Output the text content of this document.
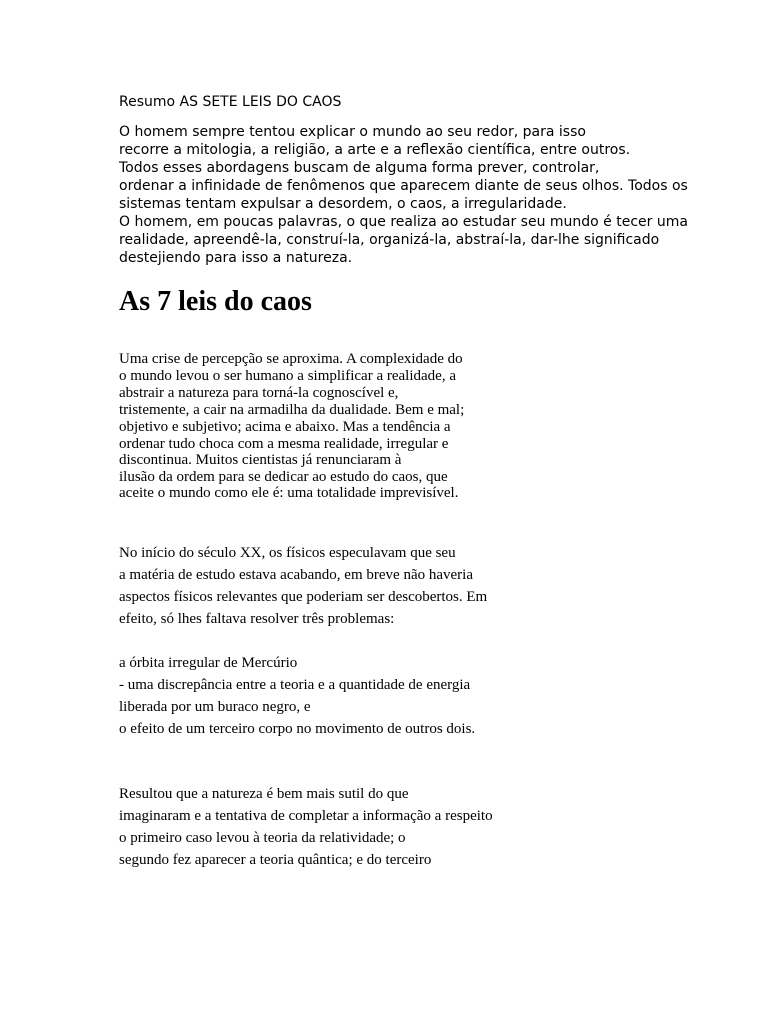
Resumo AS SETE LEIS DO CAOS
O homem sempre tentou explicar o mundo ao seu redor, para isso
recorre a mitologia, a religião, a arte e a reflexão científica, entre outros.
Todos esses abordagens buscam de alguma forma prever, controlar,
ordenar a infinidade de fenômenos que aparecem diante de seus olhos. Todos os
sistemas tentam expulsar a desordem, o caos, a irregularidade.
O homem, em poucas palavras, o que realiza ao estudar seu mundo é tecer uma
realidade, apreendê-la, construí-la, organizá-la, abstraí-la, dar-lhe significado
destejiendo para isso a natureza.
As 7 leis do caos
Uma crise de percepção se aproxima. A complexidade do
o mundo levou o ser humano a simplificar a realidade, a
abstrair a natureza para torná-la cognoscível e,
tristemente, a cair na armadilha da dualidade. Bem e mal;
objetivo e subjetivo; acima e abaixo. Mas a tendência a
ordenar tudo choca com a mesma realidade, irregular e
discontinua. Muitos cientistas já renunciaram à
ilusão da ordem para se dedicar ao estudo do caos, que
aceite o mundo como ele é: uma totalidade imprevisível.
No início do século XX, os físicos especulavam que seu
a matéria de estudo estava acabando, em breve não haveria
aspectos físicos relevantes que poderiam ser descobertos. Em
efeito, só lhes faltava resolver três problemas:
a órbita irregular de Mercúrio
- uma discrepância entre a teoria e a quantidade de energia
liberada por um buraco negro, e
o efeito de um terceiro corpo no movimento de outros dois.
Resultou que a natureza é bem mais sutil do que
imaginaram e a tentativa de completar a informação a respeito
o primeiro caso levou à teoria da relatividade; o
segundo fez aparecer a teoria quântica; e do terceiro
